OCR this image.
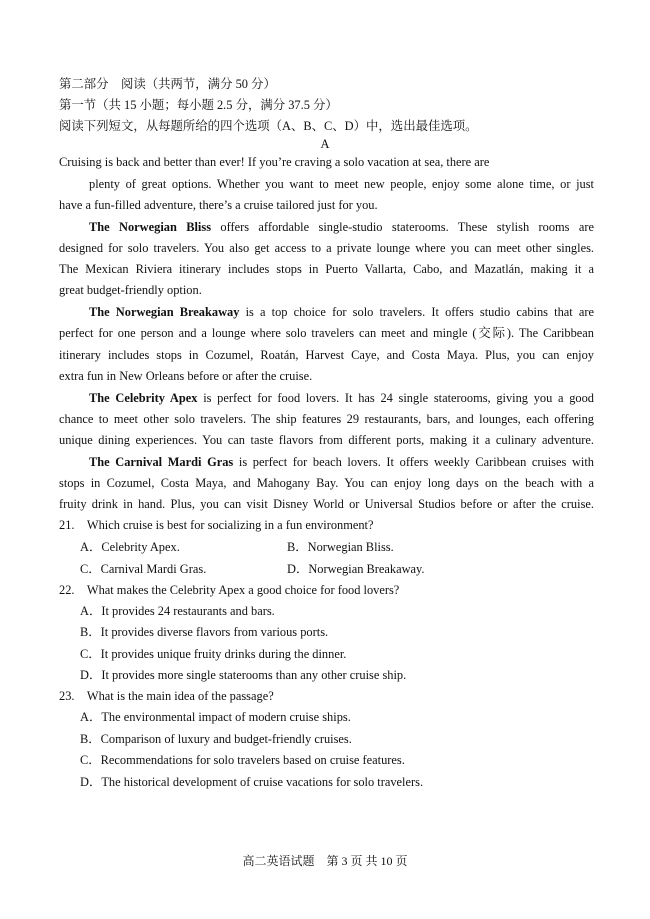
第二部分　阅读（共两节，满分 50 分）
第一节（共 15 小题；每小题 2.5 分，满分 37.5 分）
阅读下列短文，从每题所给的四个选项（A、B、C、D）中，选出最佳选项。
A
Cruising is back and better than ever! If you’re craving a solo vacation at sea, there are
plenty of great options. Whether you want to meet new people, enjoy some alone time, or just
have a fun-filled adventure, there’s a cruise tailored just for you.
The Norwegian Bliss offers affordable single-studio staterooms. These stylish rooms are
designed for solo travelers. You also get access to a private lounge where you can meet other singles.
The Mexican Riviera itinerary includes stops in Puerto Vallarta, Cabo, and Mazatlán, making it a
great budget-friendly option.
The Norwegian Breakaway is a top choice for solo travelers. It offers studio cabins that are
perfect for one person and a lounge where solo travelers can meet and mingle (交际). The Caribbean
itinerary includes stops in Cozumel, Roatán, Harvest Caye, and Costa Maya. Plus, you can enjoy
extra fun in New Orleans before or after the cruise.
The Celebrity Apex is perfect for food lovers. It has 24 single staterooms, giving you a good
chance to meet other solo travelers. The ship features 29 restaurants, bars, and lounges, each offering
unique dining experiences. You can taste flavors from different ports, making it a culinary adventure.
The Carnival Mardi Gras is perfect for beach lovers. It offers weekly Caribbean cruises with
stops in Cozumel, Costa Maya, and Mahogany Bay. You can enjoy long days on the beach with a
fruity drink in hand. Plus, you can visit Disney World or Universal Studios before or after the cruise.
21.　Which cruise is best for socializing in a fun environment?
A．Celebrity Apex.	B．Norwegian Bliss.
C．Carnival Mardi Gras.	D．Norwegian Breakaway.
22.　What makes the Celebrity Apex a good choice for food lovers?
A．It provides 24 restaurants and bars.
B．It provides diverse flavors from various ports.
C．It provides unique fruity drinks during the dinner.
D．It provides more single staterooms than any other cruise ship.
23.　What is the main idea of the passage?
A．The environmental impact of modern cruise ships.
B．Comparison of luxury and budget-friendly cruises.
C．Recommendations for solo travelers based on cruise features.
D．The historical development of cruise vacations for solo travelers.
高二英语试题　第 3 页 共 10 页
